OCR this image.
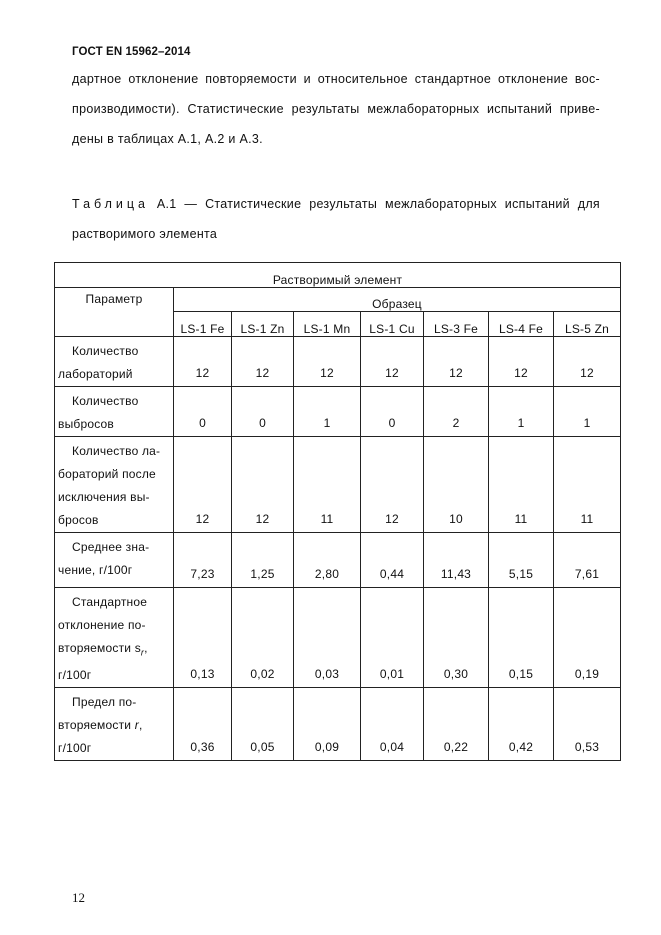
ГОСТ EN 15962–2014
дартное отклонение повторяемости и относительное стандартное отклонение вос-
производимости). Статистические результаты межлабораторных испытаний приве-
дены в таблицах А.1, А.2 и А.3.
Таблица А.1 — Статистические результаты межлабораторных испытаний для
растворимого элемента
Растворимый элемент							
Параметр	Образец						
	LS-1 Fe	LS-1 Zn	LS-1 Mn	LS-1 Cu	LS-3 Fe	LS-4 Fe	LS-5 Zn

Количество
лабораторий	12	12	12	12	12	12	12

Количество
выбросов	0	0	1	0	2	1	1

Количество ла-
бораторий после
исключения вы-
бросов	12	12	11	12	10	11	11

Среднее зна-
чение, г/100г	7,23	1,25	2,80	0,44	11,43	5,15	7,61

Стандартное
отклонение по-
вторяемости $s_r$,
г/100г	0,13	0,02	0,03	0,01	0,30	0,15	0,19

Предел по-
вторяемости r,
г/100г	0,36	0,05	0,09	0,04	0,22	0,42	0,53
12
